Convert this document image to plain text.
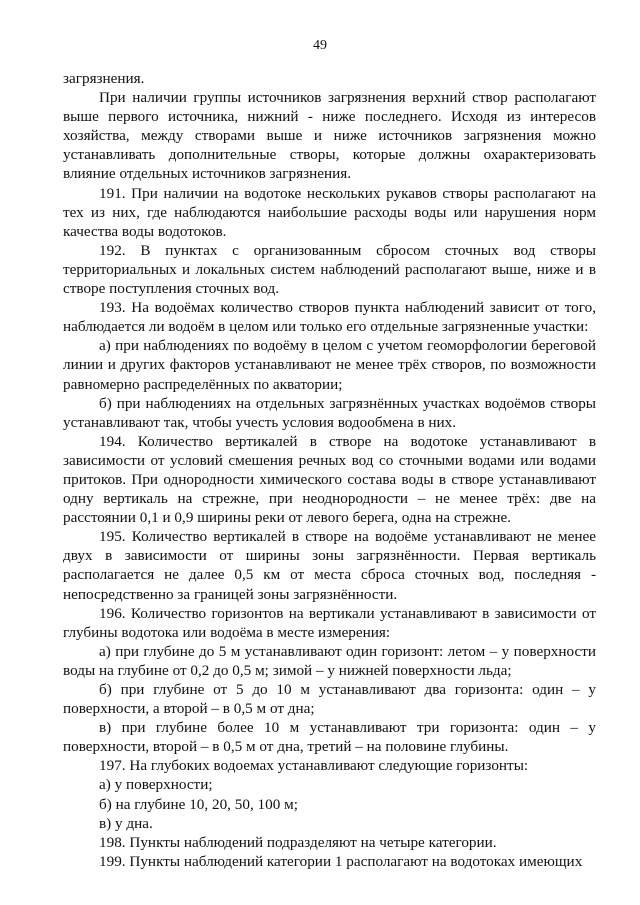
49

загрязнения.

При наличии группы источников загрязнения верхний створ располагают выше первого источника, нижний - ниже последнего. Исходя из интересов хозяйства, между створами выше и ниже источников загрязнения можно устанавливать дополнительные створы, которые должны охарактеризовать влияние отдельных источников загрязнения.

191. При наличии на водотоке нескольких рукавов створы располагают на тех из них, где наблюдаются наибольшие расходы воды или нарушения норм качества воды водотоков.

192. В пунктах с организованным сбросом сточных вод створы территориальных и локальных систем наблюдений располагают выше, ниже и в створе поступления сточных вод.

193. На водоёмах количество створов пункта наблюдений зависит от того, наблюдается ли водоём в целом или только его отдельные загрязненные участки:

а) при наблюдениях по водоёму в целом с учетом геоморфологии береговой линии и других факторов устанавливают не менее трёх створов, по возможности равномерно распределённых по акватории;

б) при наблюдениях на отдельных загрязнённых участках водоёмов створы устанавливают так, чтобы учесть условия водообмена в них.

194. Количество вертикалей в створе на водотоке устанавливают в зависимости от условий смешения речных вод со сточными водами или водами притоков. При однородности химического состава воды в створе устанавливают одну вертикаль на стрежне, при неоднородности – не менее трёх: две на расстоянии 0,1 и 0,9 ширины реки от левого берега, одна на стрежне.

195. Количество вертикалей в створе на водоёме устанавливают не менее двух в зависимости от ширины зоны загрязнённости. Первая вертикаль располагается не далее 0,5 км от места сброса сточных вод, последняя - непосредственно за границей зоны загрязнённости.

196. Количество горизонтов на вертикали устанавливают в зависимости от глубины водотока или водоёма в месте измерения:

а) при глубине до 5 м устанавливают один горизонт: летом – у поверхности воды на глубине от 0,2 до 0,5 м; зимой – у нижней поверхности льда;

б) при глубине от 5 до 10 м устанавливают два горизонта: один – у поверхности, а второй – в 0,5 м от дна;

в) при глубине более 10 м устанавливают три горизонта: один – у поверхности, второй – в 0,5 м от дна, третий – на половине глубины.

197. На глубоких водоемах устанавливают следующие горизонты:

а) у поверхности;

б) на глубине 10, 20, 50, 100 м;

в) у дна.

198. Пункты наблюдений подразделяют на четыре категории.

199. Пункты наблюдений категории 1 располагают на водотоках имеющих
